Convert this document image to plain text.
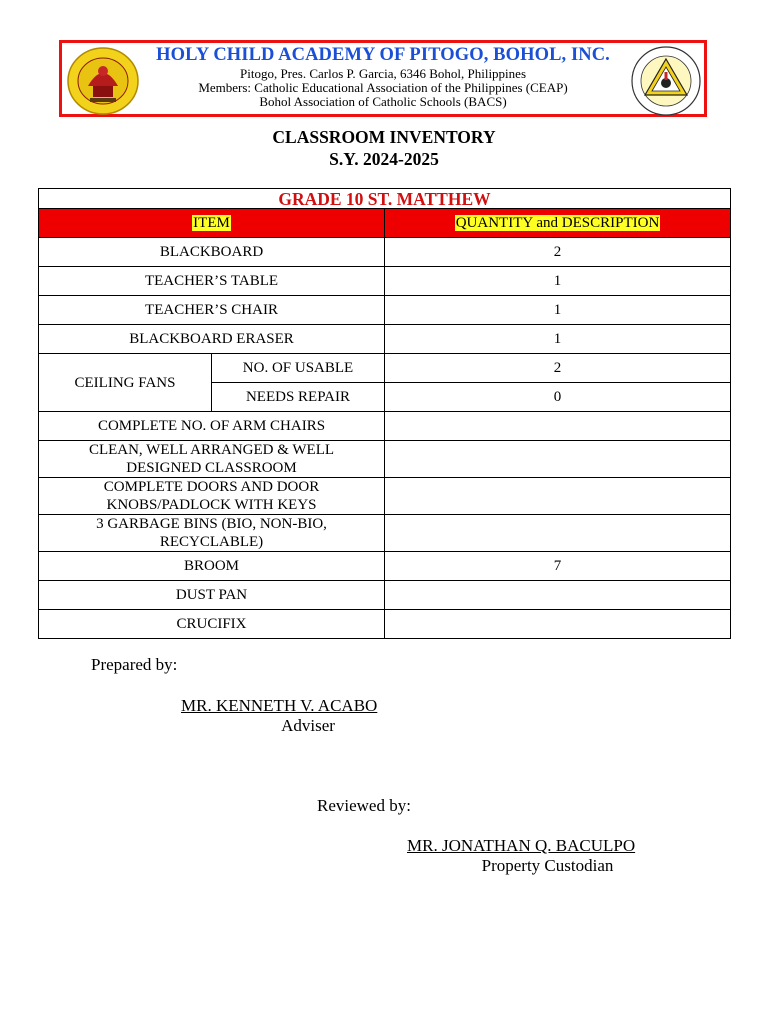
HOLY CHILD ACADEMY OF PITOGO, BOHOL, INC.
Pitogo, Pres. Carlos P. Garcia, 6346 Bohol, Philippines
Members: Catholic Educational Association of the Philippines (CEAP)
Bohol Association of Catholic Schools (BACS)
CLASSROOM INVENTORY
S.Y. 2024-2025
GRADE 10 ST. MATTHEW		
ITEM		QUANTITY and DESCRIPTION
BLACKBOARD		2
TEACHER’S TABLE		1
TEACHER’S CHAIR		1
BLACKBOARD ERASER		1
CEILING FANS	NO. OF USABLE	2
	NEEDS REPAIR	0
COMPLETE NO. OF ARM CHAIRS		
CLEAN, WELL ARRANGED & WELL
DESIGNED CLASSROOM		
COMPLETE DOORS AND DOOR
KNOBS/PADLOCK WITH KEYS		
3 GARBAGE BINS (BIO, NON-BIO,
RECYCLABLE)		
BROOM		7
DUST PAN		
CRUCIFIX		
Prepared by:
MR. KENNETH V. ACABO
Adviser
Reviewed by:
MR. JONATHAN Q. BACULPO
Property Custodian
